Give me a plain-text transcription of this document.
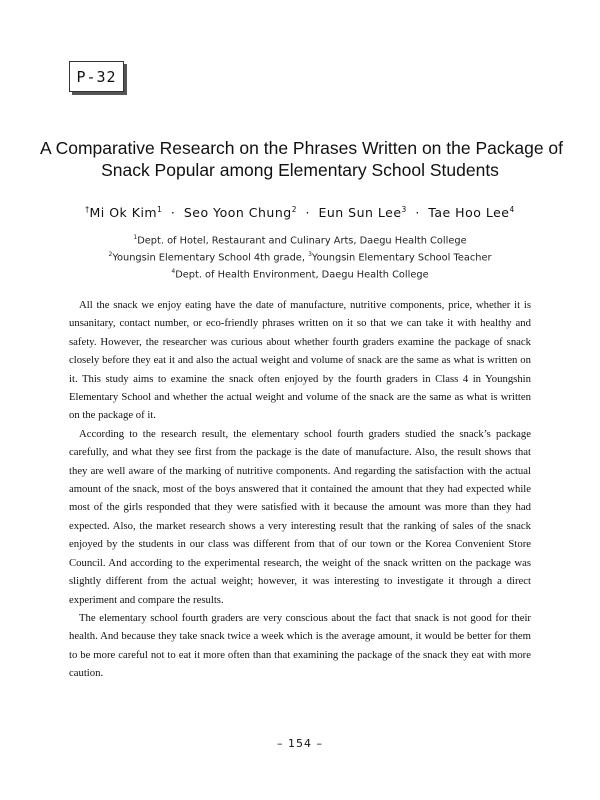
P-32
A Comparative Research on the Phrases Written on the Package of
Snack Popular among Elementary School Students
†Mi Ok Kim$^1$ · Seo Yoon Chung$^2$ · Eun Sun Lee$^3$ · Tae Hoo Lee$^4$
$^1$Dept. of Hotel, Restaurant and Culinary Arts, Daegu Health College
$^2$Youngsin Elementary School 4th grade, $^3$Youngsin Elementary School Teacher
$^4$Dept. of Health Environment, Daegu Health College

All the snack we enjoy eating have the date of manufacture, nutritive components, price, whether it is unsanitary, contact number, or eco-friendly phrases written on it so that we can take it with healthy and safety. However, the researcher was curious about whether fourth graders examine the package of snack closely before they eat it and also the actual weight and volume of snack are the same as what is written on it. This study aims to examine the snack often enjoyed by the fourth graders in Class 4 in Youngshin Elementary School and whether the actual weight and volume of the snack are the same as what is written on the package of it.

According to the research result, the elementary school fourth graders studied the snack’s package carefully, and what they see first from the package is the date of manufacture. Also, the result shows that they are well aware of the marking of nutritive components. And regarding the satisfaction with the actual amount of the snack, most of the boys answered that it contained the amount that they had expected while most of the girls responded that they were satisfied with it because the amount was more than they had expected. Also, the market research shows a very interesting result that the ranking of sales of the snack enjoyed by the students in our class was different from that of our town or the Korea Convenient Store Council. And according to the experimental research, the weight of the snack written on the package was slightly different from the actual weight; however, it was interesting to investigate it through a direct experiment and compare the results.

The elementary school fourth graders are very conscious about the fact that snack is not good for their health. And because they take snack twice a week which is the average amount, it would be better for them to be more careful not to eat it more often than that examining the package of the snack they eat with more caution.

– 154 –
